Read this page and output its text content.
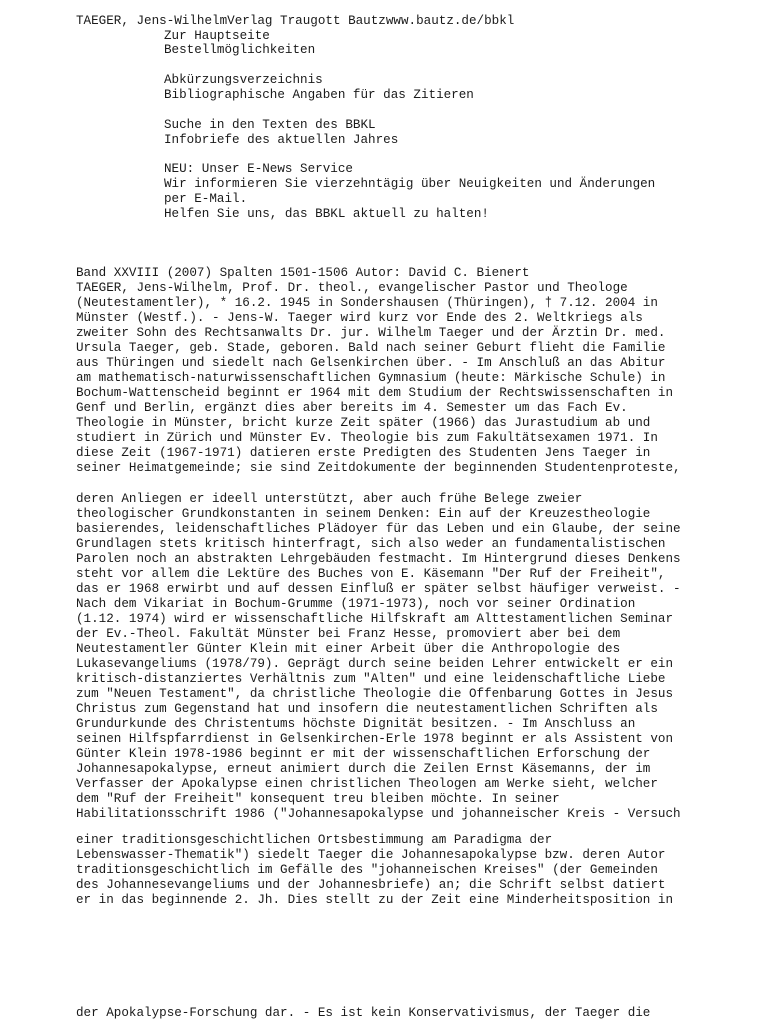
TAEGER, Jens-WilhelmVerlag Traugott Bautzwww.bautz.de/bbkl
Zur Hauptseite
Bestellmöglichkeiten
Abkürzungsverzeichnis
Bibliographische Angaben für das Zitieren
Suche in den Texten des BBKL
Infobriefe des aktuellen Jahres
NEU: Unser E-News Service
Wir informieren Sie vierzehntägig über Neuigkeiten und Änderungen
per E-Mail.
Helfen Sie uns, das BBKL aktuell zu halten!
Band XXVIII (2007) Spalten 1501-1506 Autor: David C. Bienert
TAEGER, Jens-Wilhelm, Prof. Dr. theol., evangelischer Pastor und Theologe
(Neutestamentler), * 16.2. 1945 in Sondershausen (Thüringen), † 7.12. 2004 in
Münster (Westf.). - Jens-W. Taeger wird kurz vor Ende des 2. Weltkriegs als
zweiter Sohn des Rechtsanwalts Dr. jur. Wilhelm Taeger und der Ärztin Dr. med.
Ursula Taeger, geb. Stade, geboren. Bald nach seiner Geburt flieht die Familie
aus Thüringen und siedelt nach Gelsenkirchen über. - Im Anschluß an das Abitur
am mathematisch-naturwissenschaftlichen Gymnasium (heute: Märkische Schule) in
Bochum-Wattenscheid beginnt er 1964 mit dem Studium der Rechtswissenschaften in
Genf und Berlin, ergänzt dies aber bereits im 4. Semester um das Fach Ev.
Theologie in Münster, bricht kurze Zeit später (1966) das Jurastudium ab und
studiert in Zürich und Münster Ev. Theologie bis zum Fakultätsexamen 1971. In
diese Zeit (1967-1971) datieren erste Predigten des Studenten Jens Taeger in
seiner Heimatgemeinde; sie sind Zeitdokumente der beginnenden Studentenproteste,
deren Anliegen er ideell unterstützt, aber auch frühe Belege zweier
theologischer Grundkonstanten in seinem Denken: Ein auf der Kreuzestheologie
basierendes, leidenschaftliches Plädoyer für das Leben und ein Glaube, der seine
Grundlagen stets kritisch hinterfragt, sich also weder an fundamentalistischen
Parolen noch an abstrakten Lehrgebäuden festmacht. Im Hintergrund dieses Denkens
steht vor allem die Lektüre des Buches von E. Käsemann "Der Ruf der Freiheit",
das er 1968 erwirbt und auf dessen Einfluß er später selbst häufiger verweist. -
Nach dem Vikariat in Bochum-Grumme (1971-1973), noch vor seiner Ordination
(1.12. 1974) wird er wissenschaftliche Hilfskraft am Alttestamentlichen Seminar
der Ev.-Theol. Fakultät Münster bei Franz Hesse, promoviert aber bei dem
Neutestamentler Günter Klein mit einer Arbeit über die Anthropologie des
Lukasevangeliums (1978/79). Geprägt durch seine beiden Lehrer entwickelt er ein
kritisch-distanziertes Verhältnis zum "Alten" und eine leidenschaftliche Liebe
zum "Neuen Testament", da christliche Theologie die Offenbarung Gottes in Jesus
Christus zum Gegenstand hat und insofern die neutestamentlichen Schriften als
Grundurkunde des Christentums höchste Dignität besitzen. - Im Anschluss an
seinen Hilfspfarrdienst in Gelsenkirchen-Erle 1978 beginnt er als Assistent von
Günter Klein 1978-1986 beginnt er mit der wissenschaftlichen Erforschung der
Johannesapokalypse, erneut animiert durch die Zeilen Ernst Käsemanns, der im
Verfasser der Apokalypse einen christlichen Theologen am Werke sieht, welcher
dem "Ruf der Freiheit" konsequent treu bleiben möchte. In seiner
Habilitationsschrift 1986 ("Johannesapokalypse und johanneischer Kreis - Versuch
einer traditionsgeschichtlichen Ortsbestimmung am Paradigma der
Lebenswasser-Thematik") siedelt Taeger die Johannesapokalypse bzw. deren Autor
traditionsgeschichtlich im Gefälle des "johanneischen Kreises" (der Gemeinden
des Johannesevangeliums und der Johannesbriefe) an; die Schrift selbst datiert
er in das beginnende 2. Jh. Dies stellt zu der Zeit eine Minderheitsposition in
der Apokalypse-Forschung dar. - Es ist kein Konservativismus, der Taeger die
